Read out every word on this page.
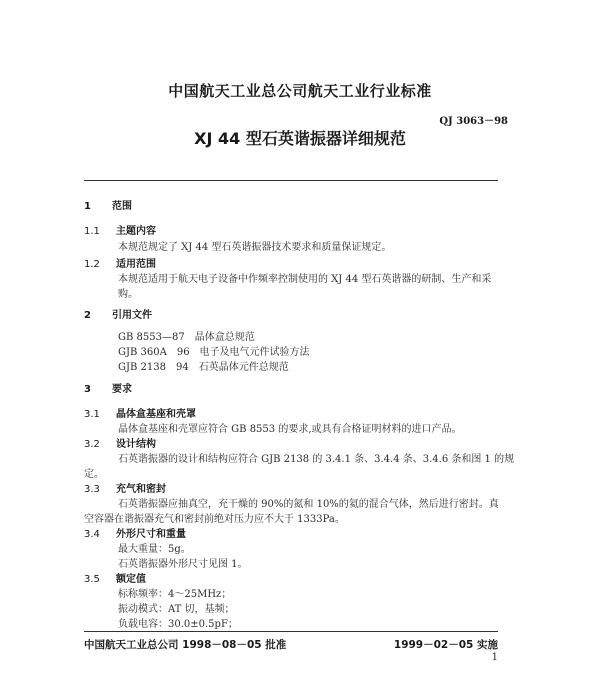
中国航天工业总公司航天工业行业标准
QJ 3063－98
XJ 44 型石英谐振器详细规范
1 范围
1.1 主题内容
本规范规定了 XJ 44 型石英谐振器技术要求和质量保证规定。
1.2 适用范围
本规范适用于航天电子设备中作频率控制使用的 XJ 44 型石英谐器的研制、生产和采
购。
2 引用文件
GB 8553—87　晶体盒总规范
GJB 360A　96　电子及电气元件试验方法
GJB 2138　94　石英晶体元件总规范
3 要求
3.1 晶体盒基座和壳罩
晶体盒基座和壳罩应符合 GB 8553 的要求,或具有合格证明材料的进口产品。
3.2 设计结构
石英谐振器的设计和结构应符合 GJB 2138 的 3.4.1 条、3.4.4 条、3.4.6 条和图 1 的规
定。
3.3 充气和密封
石英谐振器应抽真空，充干燥的 90%的氮和 10%的氦的混合气体，然后进行密封。真
空容器在谐振器充气和密封前绝对压力应不大于 1333Pa。
3.4 外形尺寸和重量
最大重量：5g。
石英谐振器外形尺寸见图 1。
3.5 额定值
标称频率：4～25MHz；
振动模式：AT 切，基频；
负载电容：30.0±0.5pF；
中国航天工业总公司 1998－08－05 批准	1999－02－05 实施
1
